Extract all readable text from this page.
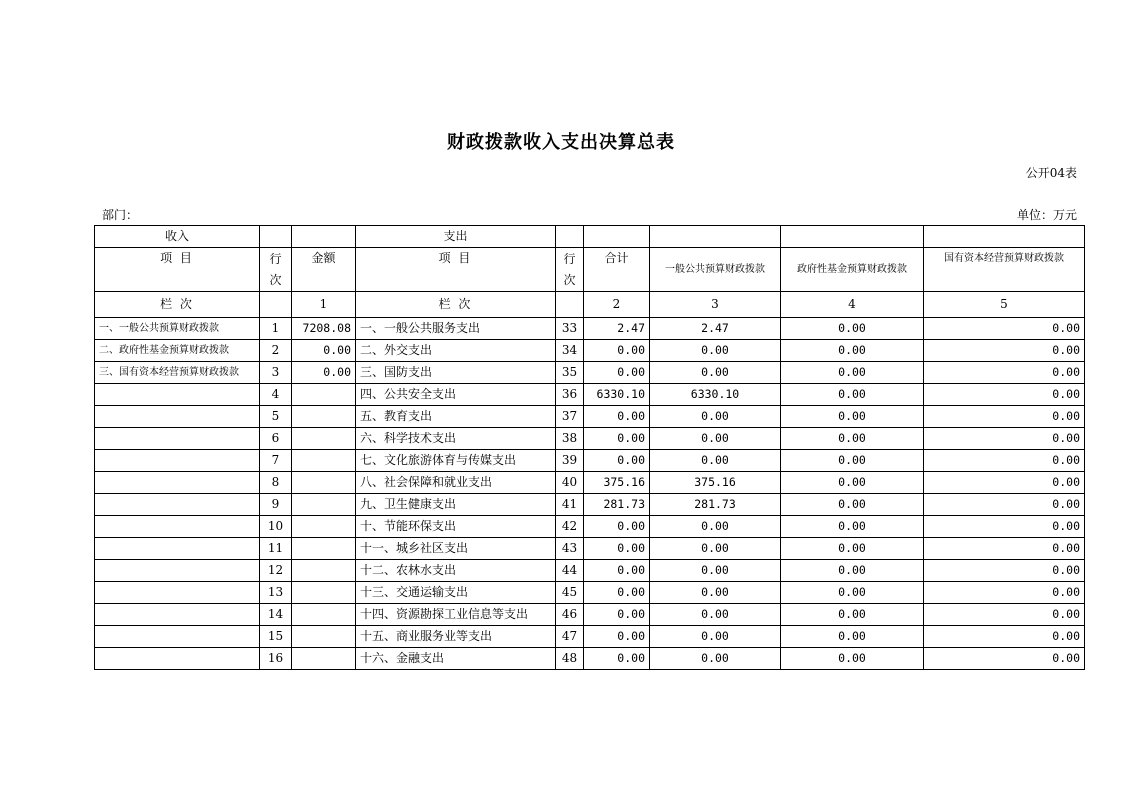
财政拨款收入支出决算总表
公开04表
部门：	单位：万元
收入			支出					
项 目	行次	金额	项 目	行次	合计	一般公共预算财政拨款	政府性基金预算财政拨款	国有资本经营预算财政拨款
栏 次		1	栏 次		2	3	4	5
一、一般公共预算财政拨款	1	7208.08	一、一般公共服务支出	33	2.47	2.47	0.00	0.00
二、政府性基金预算财政拨款	2	0.00	二、外交支出	34	0.00	0.00	0.00	0.00
三、国有资本经营预算财政拨款	3	0.00	三、国防支出	35	0.00	0.00	0.00	0.00
	4		四、公共安全支出	36	6330.10	6330.10	0.00	0.00
	5		五、教育支出	37	0.00	0.00	0.00	0.00
	6		六、科学技术支出	38	0.00	0.00	0.00	0.00
	7		七、文化旅游体育与传媒支出	39	0.00	0.00	0.00	0.00
	8		八、社会保障和就业支出	40	375.16	375.16	0.00	0.00
	9		九、卫生健康支出	41	281.73	281.73	0.00	0.00
	10		十、节能环保支出	42	0.00	0.00	0.00	0.00
	11		十一、城乡社区支出	43	0.00	0.00	0.00	0.00
	12		十二、农林水支出	44	0.00	0.00	0.00	0.00
	13		十三、交通运输支出	45	0.00	0.00	0.00	0.00
	14		十四、资源勘探工业信息等支出	46	0.00	0.00	0.00	0.00
	15		十五、商业服务业等支出	47	0.00	0.00	0.00	0.00
	16		十六、金融支出	48	0.00	0.00	0.00	0.00
